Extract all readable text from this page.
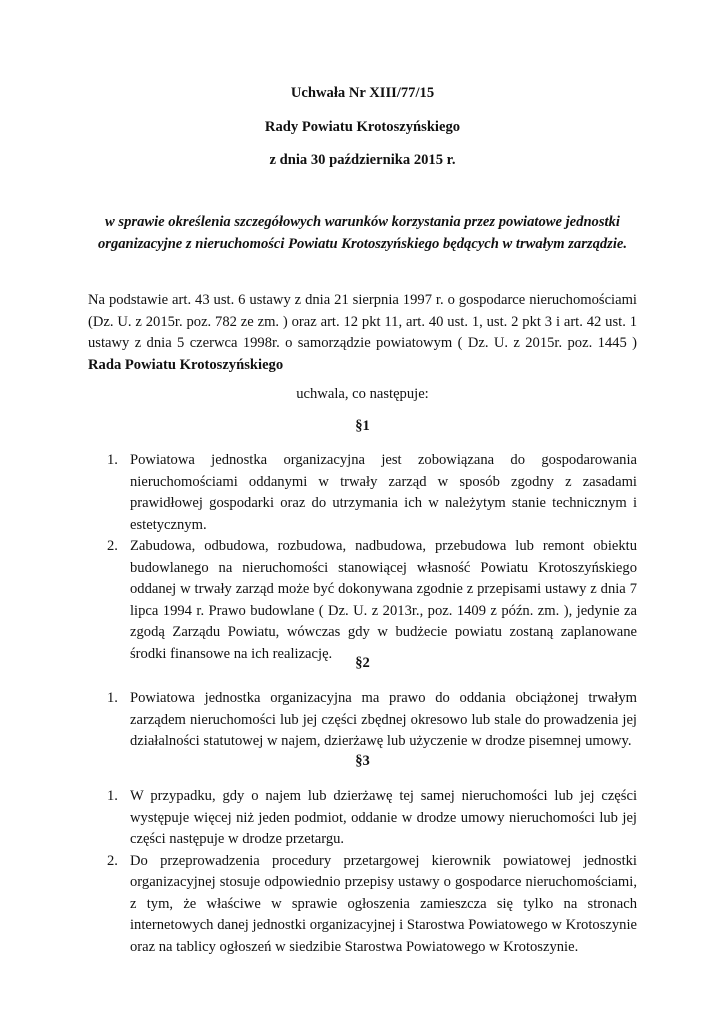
Uchwała Nr XIII/77/15
Rady Powiatu Krotoszyńskiego
z dnia 30 października 2015 r.
w sprawie określenia szczegółowych warunków korzystania przez powiatowe jednostki
organizacyjne z nieruchomości Powiatu Krotoszyńskiego będących w trwałym zarządzie.
Na podstawie art. 43 ust. 6 ustawy z dnia 21 sierpnia 1997 r. o gospodarce nieruchomościami
(Dz. U. z 2015r. poz. 782 ze zm. ) oraz art. 12 pkt 11, art. 40 ust. 1, ust. 2 pkt 3 i art. 42 ust. 1
ustawy z dnia 5 czerwca 1998r. o samorządzie powiatowym ( Dz. U. z 2015r. poz. 1445 )
Rada Powiatu Krotoszyńskiego
uchwala, co następuje:
§1
1. Powiatowa jednostka organizacyjna jest zobowiązana do gospodarowania nieruchomościami oddanymi w trwały zarząd w sposób zgodny z zasadami prawidłowej gospodarki oraz do utrzymania ich w należytym stanie technicznym i estetycznym.
2. Zabudowa, odbudowa, rozbudowa, nadbudowa, przebudowa lub remont obiektu budowlanego na nieruchomości stanowiącej własność Powiatu Krotoszyńskiego oddanej w trwały zarząd może być dokonywana zgodnie z przepisami ustawy z dnia 7 lipca 1994 r. Prawo budowlane ( Dz. U. z 2013r., poz. 1409 z późn. zm. ), jedynie za zgodą Zarządu Powiatu, wówczas gdy w budżecie powiatu zostaną zaplanowane środki finansowe na ich realizację.
§2
1. Powiatowa jednostka organizacyjna ma prawo do oddania obciążonej trwałym zarządem nieruchomości lub jej części zbędnej okresowo lub stale do prowadzenia jej działalności statutowej w najem, dzierżawę lub użyczenie w drodze pisemnej umowy.
§3
1. W przypadku, gdy o najem lub dzierżawę tej samej nieruchomości lub jej części występuje więcej niż jeden podmiot, oddanie w drodze umowy nieruchomości lub jej części następuje w drodze przetargu.
2. Do przeprowadzenia procedury przetargowej kierownik powiatowej jednostki organizacyjnej stosuje odpowiednio przepisy ustawy o gospodarce nieruchomościami, z tym, że właściwe w sprawie ogłoszenia zamieszcza się tylko na stronach internetowych danej jednostki organizacyjnej i Starostwa Powiatowego w Krotoszynie oraz na tablicy ogłoszeń w siedzibie Starostwa Powiatowego w Krotoszynie.
